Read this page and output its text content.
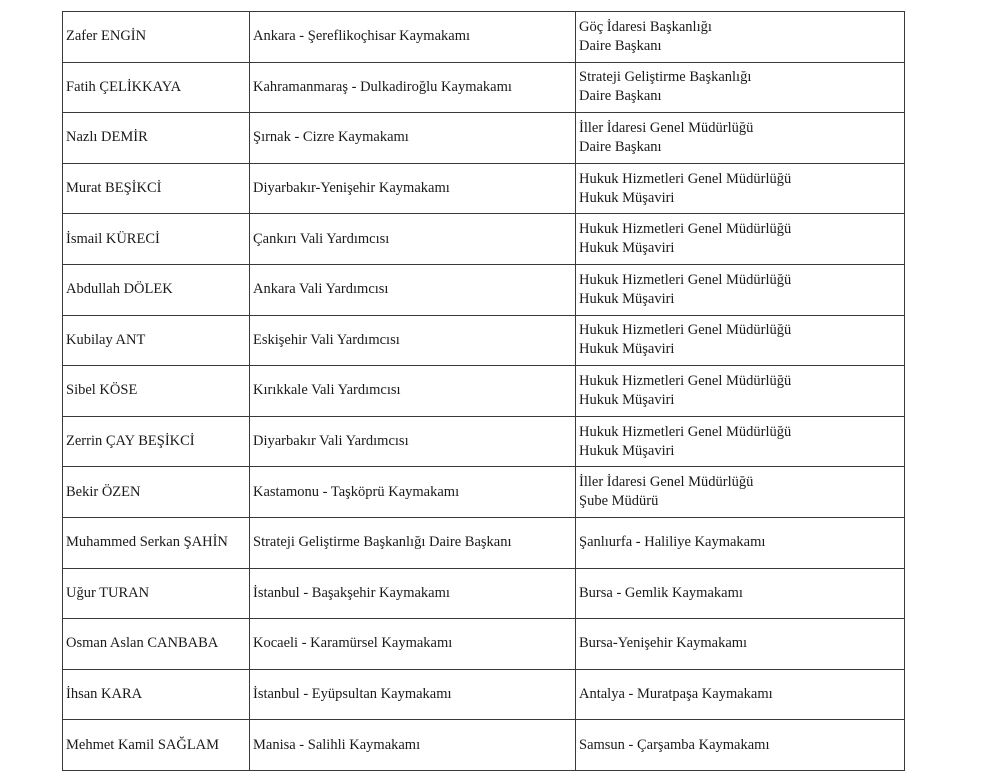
Zafer ENGİN	Ankara - Şereflikoçhisar Kaymakamı	Göç İdaresi Başkanlığı
Daire Başkanı

Fatih ÇELİKKAYA	Kahramanmaraş - Dulkadiroğlu Kaymakamı	Strateji Geliştirme Başkanlığı
Daire Başkanı

Nazlı DEMİR	Şırnak - Cizre Kaymakamı	İller İdaresi Genel Müdürlüğü
Daire Başkanı

Murat BEŞİKCİ	Diyarbakır-Yenişehir Kaymakamı	Hukuk Hizmetleri Genel Müdürlüğü
Hukuk Müşaviri

İsmail KÜRECİ	Çankırı Vali Yardımcısı	Hukuk Hizmetleri Genel Müdürlüğü
Hukuk Müşaviri

Abdullah DÖLEK	Ankara Vali Yardımcısı	Hukuk Hizmetleri Genel Müdürlüğü
Hukuk Müşaviri

Kubilay ANT	Eskişehir Vali Yardımcısı	Hukuk Hizmetleri Genel Müdürlüğü
Hukuk Müşaviri

Sibel KÖSE	Kırıkkale Vali Yardımcısı	Hukuk Hizmetleri Genel Müdürlüğü
Hukuk Müşaviri

Zerrin ÇAY BEŞİKCİ	Diyarbakır Vali Yardımcısı	Hukuk Hizmetleri Genel Müdürlüğü
Hukuk Müşaviri

Bekir ÖZEN	Kastamonu - Taşköprü Kaymakamı	İller İdaresi Genel Müdürlüğü
Şube Müdürü

Muhammed Serkan ŞAHİN	Strateji Geliştirme Başkanlığı Daire Başkanı	Şanlıurfa - Haliliye Kaymakamı

Uğur TURAN	İstanbul - Başakşehir Kaymakamı	Bursa - Gemlik Kaymakamı

Osman Aslan CANBABA	Kocaeli - Karamürsel Kaymakamı	Bursa-Yenişehir Kaymakamı

İhsan KARA	İstanbul - Eyüpsultan Kaymakamı	Antalya - Muratpaşa Kaymakamı

Mehmet Kamil SAĞLAM	Manisa - Salihli Kaymakamı	Samsun - Çarşamba Kaymakamı
